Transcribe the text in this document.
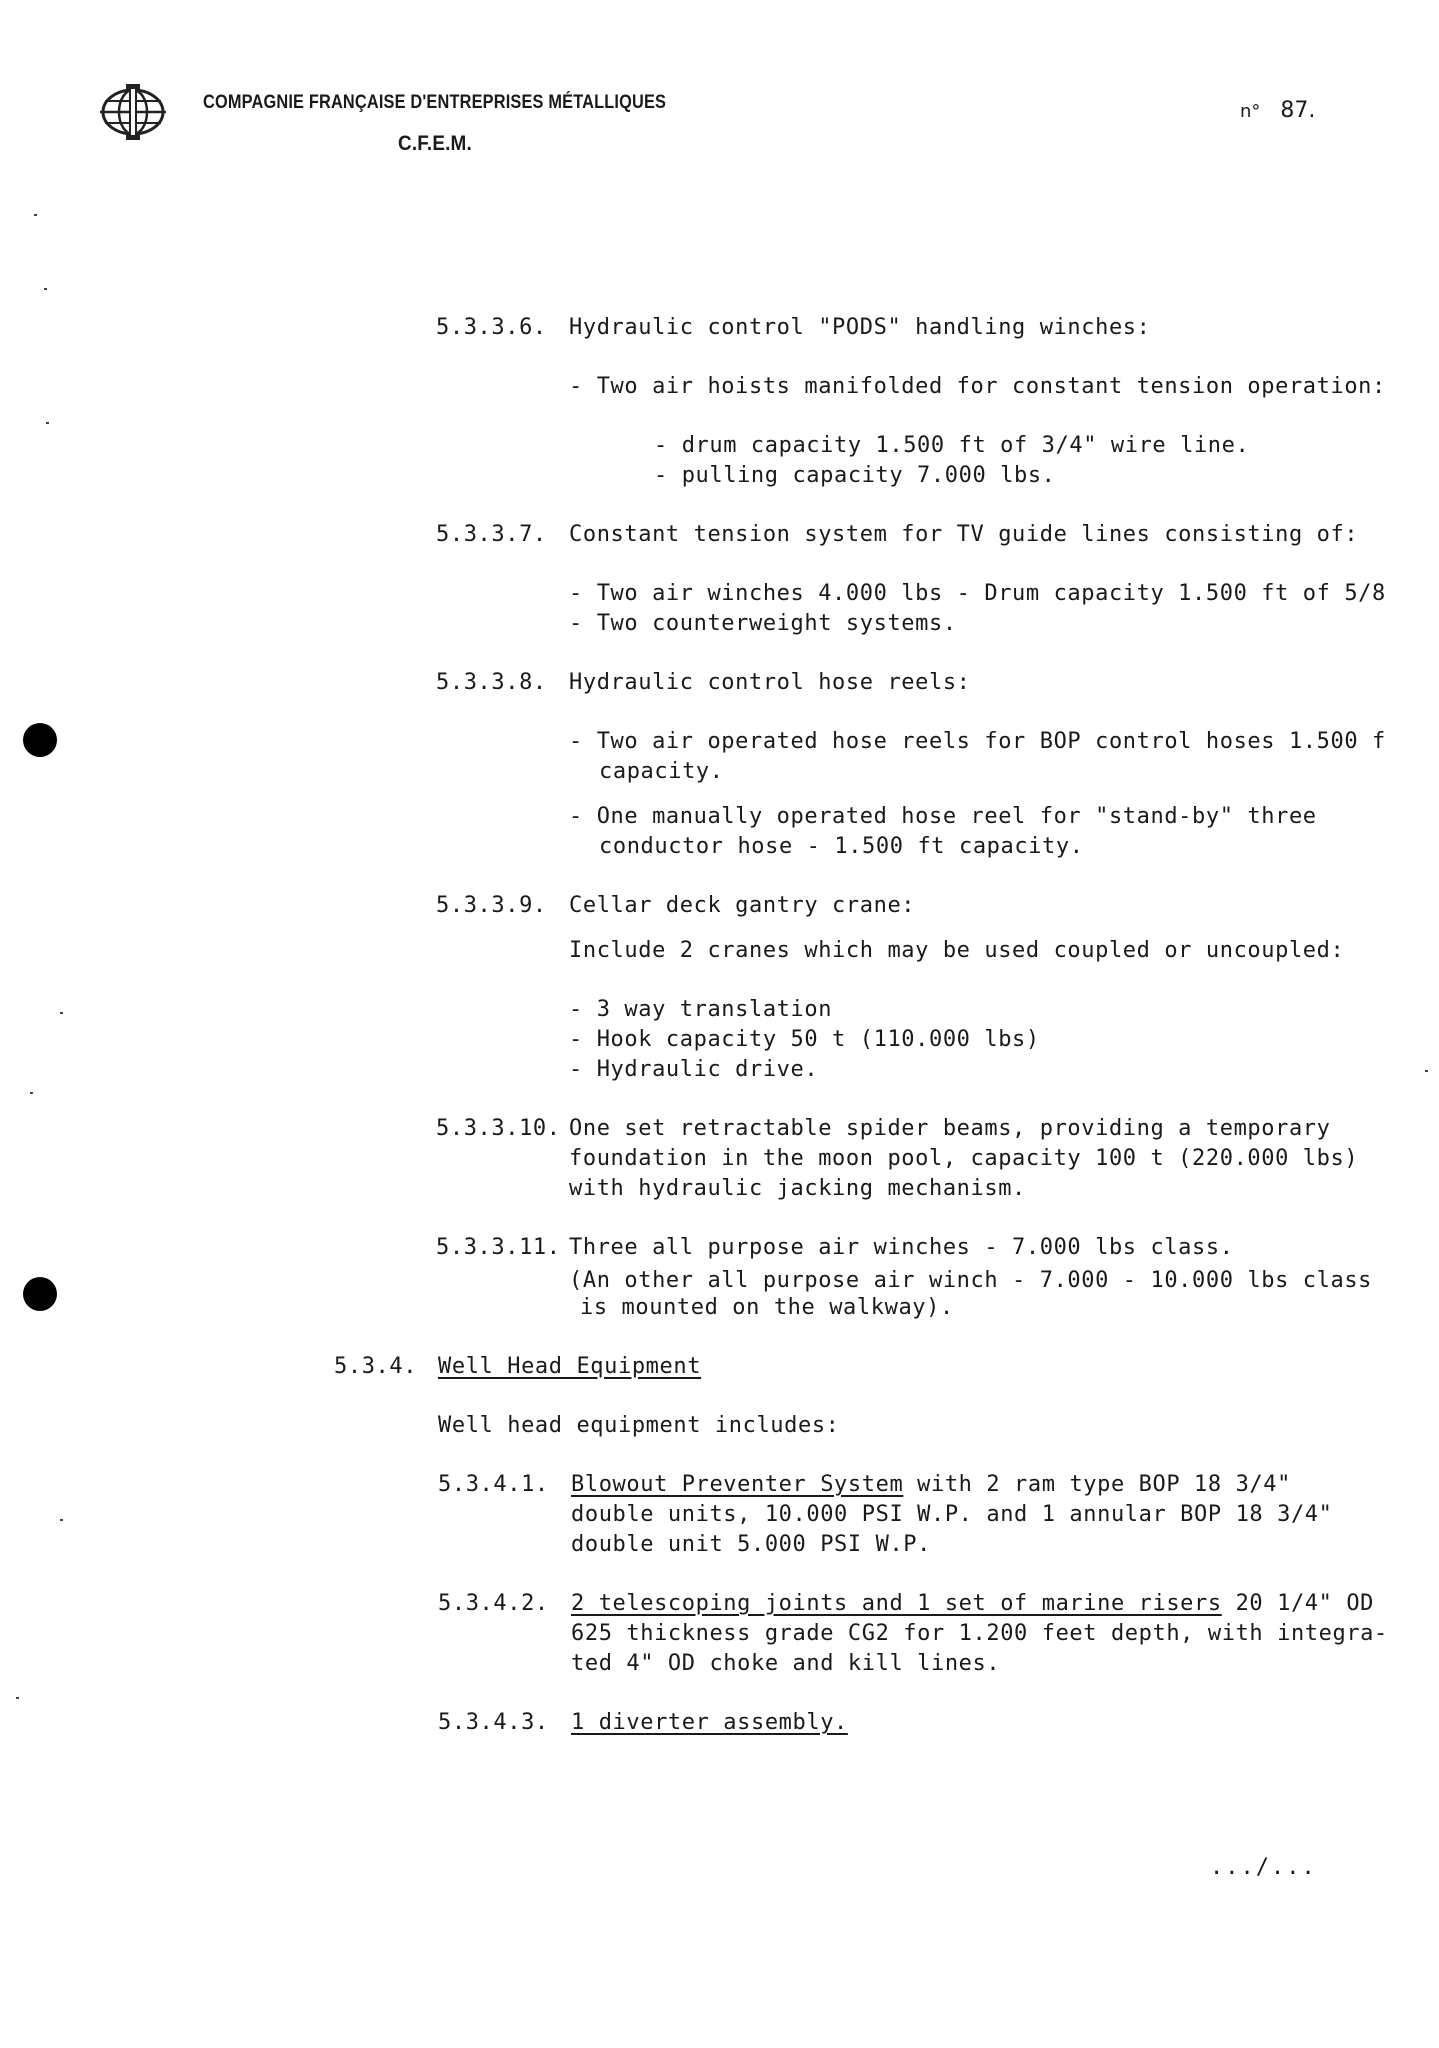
COMPAGNIE FRANÇAISE D'ENTREPRISES MÉTALLIQUES
C.F.E.M.
n° 87.
5.3.3.6. Hydraulic control "PODS" handling winches:
- Two air hoists manifolded for constant tension operation:
- drum capacity 1.500 ft of 3/4" wire line.
- pulling capacity 7.000 lbs.
5.3.3.7. Constant tension system for TV guide lines consisting of:
- Two air winches 4.000 lbs - Drum capacity 1.500 ft of 5/8
- Two counterweight systems.
5.3.3.8. Hydraulic control hose reels:
- Two air operated hose reels for BOP control hoses 1.500 f
capacity.
- One manually operated hose reel for "stand-by" three
conductor hose - 1.500 ft capacity.
5.3.3.9. Cellar deck gantry crane:
Include 2 cranes which may be used coupled or uncoupled:
- 3 way translation
- Hook capacity 50 t (110.000 lbs)
- Hydraulic drive.
5.3.3.10. One set retractable spider beams, providing a temporary
foundation in the moon pool, capacity 100 t (220.000 lbs)
with hydraulic jacking mechanism.
5.3.3.11. Three all purpose air winches - 7.000 lbs class.
(An other all purpose air winch - 7.000 - 10.000 lbs class
is mounted on the walkway).
5.3.4. Well Head Equipment
Well head equipment includes:
5.3.4.1. Blowout Preventer System with 2 ram type BOP 18 3/4"
double units, 10.000 PSI W.P. and 1 annular BOP 18 3/4"
double unit 5.000 PSI W.P.
5.3.4.2. 2 telescoping joints and 1 set of marine risers 20 1/4" OD
625 thickness grade CG2 for 1.200 feet depth, with integra-
ted 4" OD choke and kill lines.
5.3.4.3. 1 diverter assembly.
.../...
